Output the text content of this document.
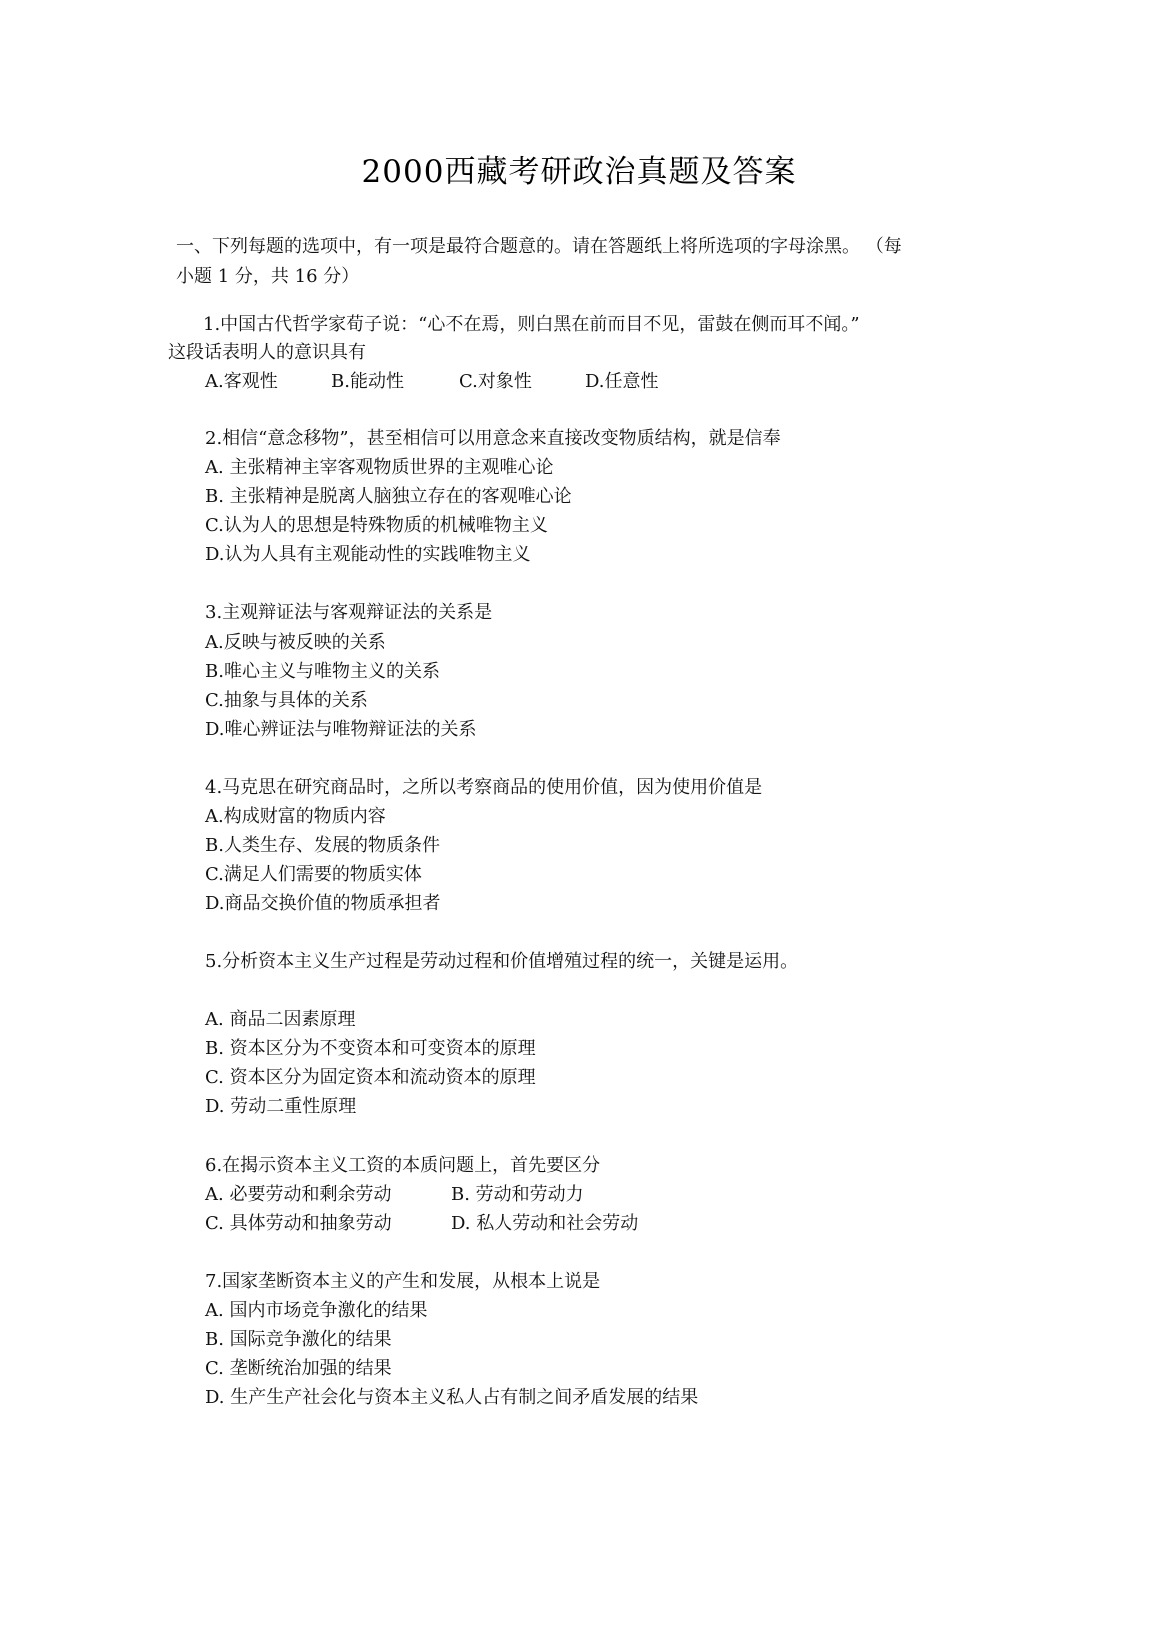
2000西藏考研政治真题及答案
一、下列每题的选项中，有一项是最符合题意的。请在答题纸上将所选项的字母涂黑。 （每
小题 1 分，共 16 分）
1.中国古代哲学家荀子说：“心不在焉，则白黑在前而目不见，雷鼓在侧而耳不闻。”
这段话表明人的意识具有
A.客观性	B.能动性	C.对象性	D.任意性
2.相信“意念移物”，甚至相信可以用意念来直接改变物质结构，就是信奉
A. 主张精神主宰客观物质世界的主观唯心论
B. 主张精神是脱离人脑独立存在的客观唯心论
C.认为人的思想是特殊物质的机械唯物主义
D.认为人具有主观能动性的实践唯物主义
3.主观辩证法与客观辩证法的关系是
A.反映与被反映的关系
B.唯心主义与唯物主义的关系
C.抽象与具体的关系
D.唯心辨证法与唯物辩证法的关系
4.马克思在研究商品时，之所以考察商品的使用价值，因为使用价值是
A.构成财富的物质内容
B.人类生存、发展的物质条件
C.满足人们需要的物质实体
D.商品交换价值的物质承担者
5.分析资本主义生产过程是劳动过程和价值增殖过程的统一，关键是运用。
A. 商品二因素原理
B. 资本区分为不变资本和可变资本的原理
C. 资本区分为固定资本和流动资本的原理
D. 劳动二重性原理
6.在揭示资本主义工资的本质问题上，首先要区分
A. 必要劳动和剩余劳动	B. 劳动和劳动力
C. 具体劳动和抽象劳动	D. 私人劳动和社会劳动
7.国家垄断资本主义的产生和发展，从根本上说是
A. 国内市场竞争激化的结果
B. 国际竞争激化的结果
C. 垄断统治加强的结果
D. 生产生产社会化与资本主义私人占有制之间矛盾发展的结果
